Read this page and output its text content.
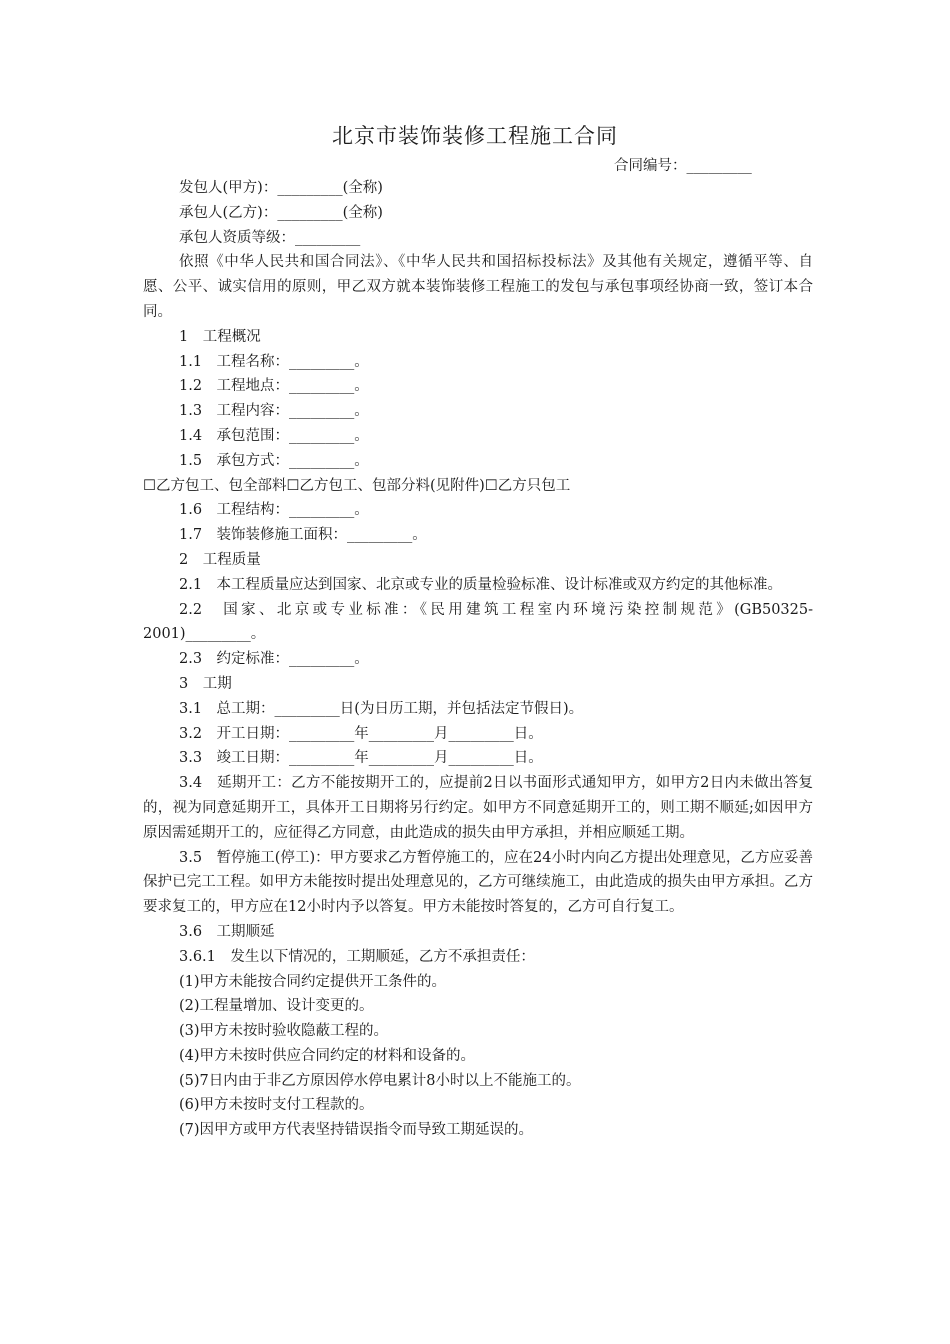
北京市装饰装修工程施工合同
合同编号：_________

发包人(甲方)：_________(全称)

承包人(乙方)：_________(全称)

承包人资质等级：_________

依照《中华人民共和国合同法》、《中华人民共和国招标投标法》及其他有关规定，遵循平等、自愿、公平、诚实信用的原则，甲乙双方就本装饰装修工程施工的发包与承包事项经协商一致，签订本合同。

1　工程概况

1.1　工程名称：_________。

1.2　工程地点：_________。

1.3　工程内容：_________。

1.4　承包范围：_________。

1.5　承包方式：_________。

☐乙方包工、包全部料☐乙方包工、包部分料(见附件)☐乙方只包工

1.6　工程结构：_________。

1.7　装饰装修施工面积：_________。

2　工程质量

2.1　本工程质量应达到国家、北京或专业的质量检验标准、设计标准或双方约定的其他标准。

2.2　国家、北京或专业标准：《民用建筑工程室内环境污染控制规范》(GB50325-2001)_________。

2.3　约定标准：_________。

3　工期

3.1　总工期：_________日(为日历工期，并包括法定节假日)。

3.2　开工日期：_________年_________月_________日。

3.3　竣工日期：_________年_________月_________日。

3.4　延期开工：乙方不能按期开工的，应提前2日以书面形式通知甲方，如甲方2日内未做出答复的，视为同意延期开工，具体开工日期将另行约定。如甲方不同意延期开工的，则工期不顺延;如因甲方原因需延期开工的，应征得乙方同意，由此造成的损失由甲方承担，并相应顺延工期。

3.5　暂停施工(停工)：甲方要求乙方暂停施工的，应在24小时内向乙方提出处理意见，乙方应妥善保护已完工工程。如甲方未能按时提出处理意见的，乙方可继续施工，由此造成的损失由甲方承担。乙方要求复工的，甲方应在12小时内予以答复。甲方未能按时答复的，乙方可自行复工。

3.6　工期顺延

3.6.1　发生以下情况的，工期顺延，乙方不承担责任：

(1)甲方未能按合同约定提供开工条件的。

(2)工程量增加、设计变更的。

(3)甲方未按时验收隐蔽工程的。

(4)甲方未按时供应合同约定的材料和设备的。

(5)7日内由于非乙方原因停水停电累计8小时以上不能施工的。

(6)甲方未按时支付工程款的。

(7)因甲方或甲方代表坚持错误指令而导致工期延误的。
